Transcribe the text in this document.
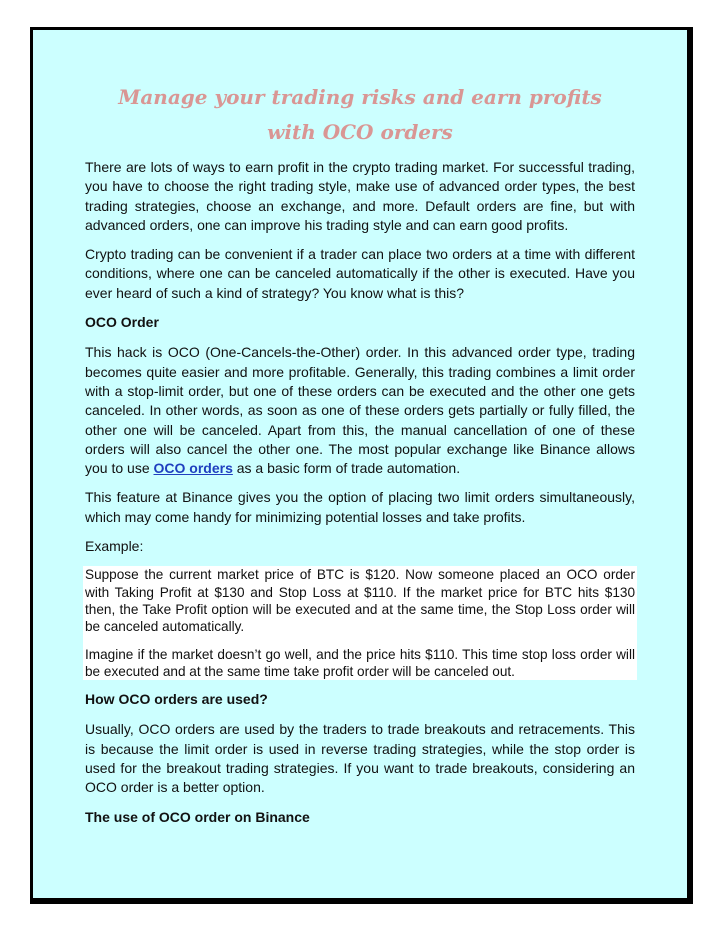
Manage your trading risks and earn profits with OCO orders

There are lots of ways to earn profit in the crypto trading market. For successful trading, you have to choose the right trading style, make use of advanced order types, the best trading strategies, choose an exchange, and more. Default orders are fine, but with advanced orders, one can improve his trading style and can earn good profits.

Crypto trading can be convenient if a trader can place two orders at a time with different conditions, where one can be canceled automatically if the other is executed. Have you ever heard of such a kind of strategy? You know what is this?

OCO Order

This hack is OCO (One-Cancels-the-Other) order. In this advanced order type, trading becomes quite easier and more profitable. Generally, this trading combines a limit order with a stop-limit order, but one of these orders can be executed and the other one gets canceled. In other words, as soon as one of these orders gets partially or fully filled, the other one will be canceled. Apart from this, the manual cancellation of one of these orders will also cancel the other one. The most popular exchange like Binance allows you to use OCO orders as a basic form of trade automation.

This feature at Binance gives you the option of placing two limit orders simultaneously, which may come handy for minimizing potential losses and take profits.

Example:

Suppose the current market price of BTC is $120. Now someone placed an OCO order with Taking Profit at $130 and Stop Loss at $110. If the market price for BTC hits $130 then, the Take Profit option will be executed and at the same time, the Stop Loss order will be canceled automatically.

Imagine if the market doesn’t go well, and the price hits $110. This time stop loss order will be executed and at the same time take profit order will be canceled out.

How OCO orders are used?

Usually, OCO orders are used by the traders to trade breakouts and retracements. This is because the limit order is used in reverse trading strategies, while the stop order is used for the breakout trading strategies. If you want to trade breakouts, considering an OCO order is a better option.

The use of OCO order on Binance
